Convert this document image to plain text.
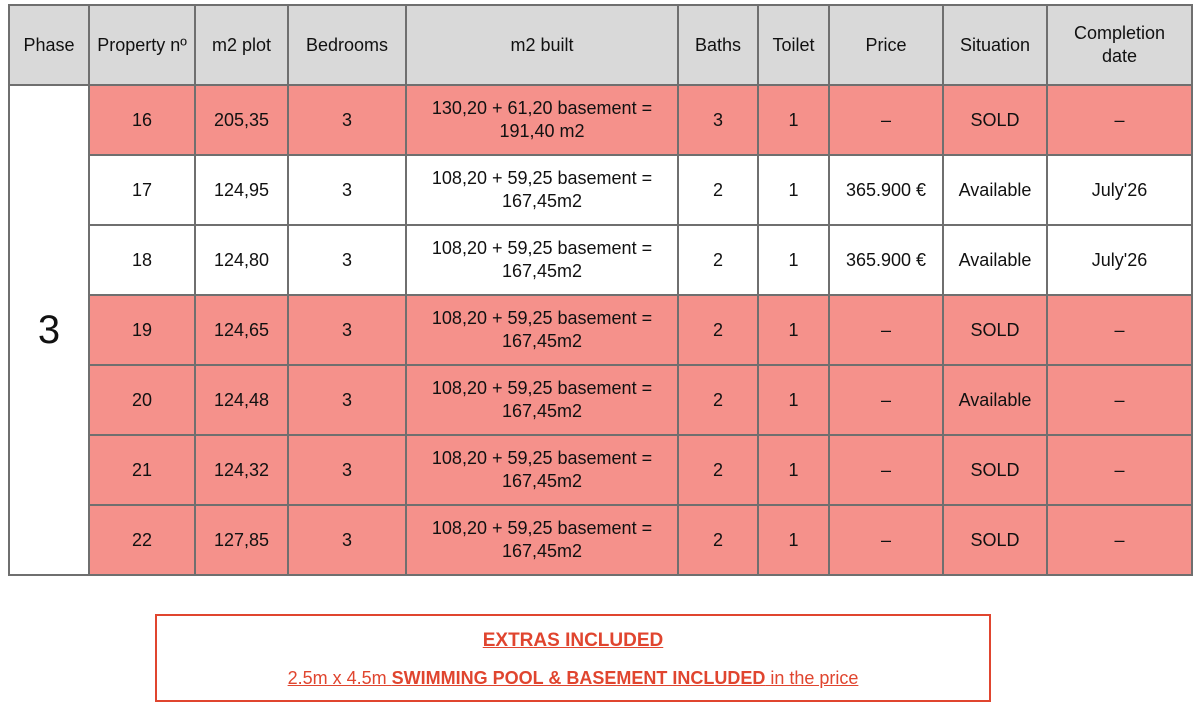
Phase	Property nº	m2 plot	Bedrooms	m2 built	Baths	Toilet	Price	Situation	Completion date
3	16	205,35	3	130,20 + 61,20 basement =
191,40 m2	3	1	–	SOLD	–
	17	124,95	3	108,20 + 59,25 basement =
167,45m2	2	1	365.900 €	Available	July'26
	18	124,80	3	108,20 + 59,25 basement =
167,45m2	2	1	365.900 €	Available	July'26
	19	124,65	3	108,20 + 59,25 basement =
167,45m2	2	1	–	SOLD	–
	20	124,48	3	108,20 + 59,25 basement =
167,45m2	2	1	–	Available	–
	21	124,32	3	108,20 + 59,25 basement =
167,45m2	2	1	–	SOLD	–
	22	127,85	3	108,20 + 59,25 basement =
167,45m2	2	1	–	SOLD	–
EXTRAS INCLUDED
2.5m x 4.5m SWIMMING POOL & BASEMENT INCLUDED in the price
